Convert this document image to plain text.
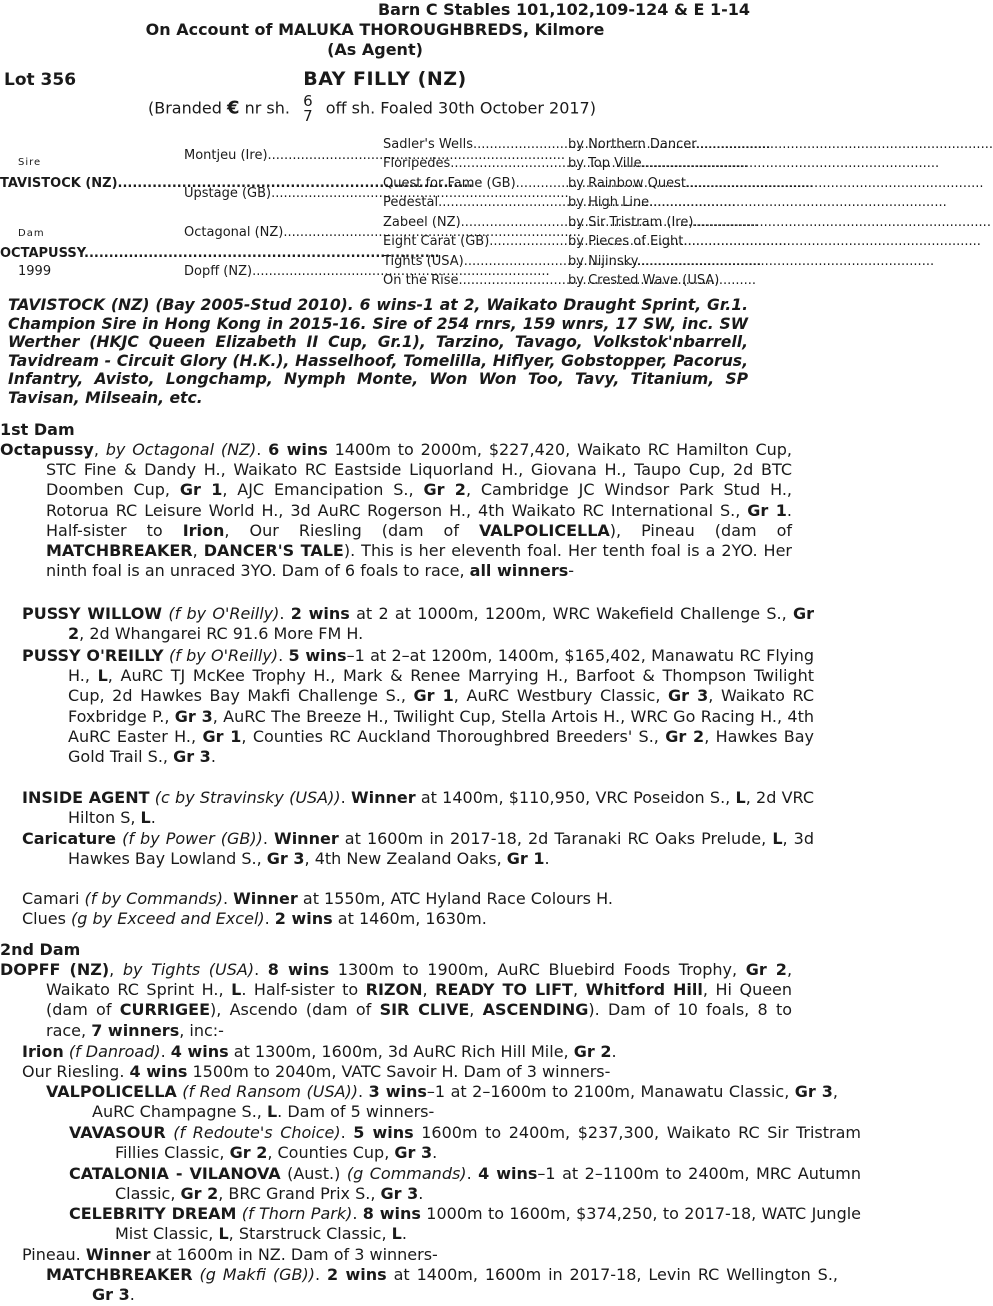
Barn C Stables 101,102,109-124 & E 1-14
On Account of MALUKA THOROUGHBREDS, Kilmore
(As Agent)
Lot 356	BAY FILLY (NZ)
(Branded € nr sh. 6
7 off sh. Foaled 30th October 2017)
Sire
TAVISTOCK (NZ) .....
Dam
OCTAPUSSY .....
1999
Montjeu (Ire) .....
Upstage (GB) .....
Octagonal (NZ) .....
Dopff (NZ) .....
Sadler's Wells .....
Floripedes .....
Quest for Fame (GB) .....
Pedestal .....
Zabeel (NZ) .....
Eight Carat (GB) .....
Tights (USA) .....
On the Rise .....
by Northern Dancer .....
by Top Ville .....
by Rainbow Quest .....
by High Line .....
by Sir Tristram (Ire) .....
by Pieces of Eight .....
by Nijinsky .....
by Crested Wave (USA)
TAVISTOCK (NZ) (Bay 2005-Stud 2010). 6 wins-1 at 2, Waikato Draught Sprint, Gr.1. Champion Sire in Hong Kong in 2015-16. Sire of 254 rnrs, 159 wnrs, 17 SW, inc. SW Werther (HKJC Queen Elizabeth II Cup, Gr.1), Tarzino, Tavago, Volkstok'nbarrell, Tavidream - Circuit Glory (H.K.), Hasselhoof, Tomelilla, Hiflyer, Gobstopper, Pacorus, Infantry, Avisto, Longchamp, Nymph Monte, Won Won Too, Tavy, Titanium, SP Tavisan, Milseain, etc.
1st Dam
Octapussy, by Octagonal (NZ). 6 wins 1400m to 2000m, $227,420, Waikato RC Hamilton Cup, STC Fine & Dandy H., Waikato RC Eastside Liquorland H., Giovana H., Taupo Cup, 2d BTC Doomben Cup, Gr 1, AJC Emancipation S., Gr 2, Cambridge JC Windsor Park Stud H., Rotorua RC Leisure World H., 3d AuRC Rogerson H., 4th Waikato RC International S., Gr 1. Half-sister to Irion, Our Riesling (dam of VALPOLICELLA), Pineau (dam of MATCHBREAKER, DANCER'S TALE). This is her eleventh foal. Her tenth foal is a 2YO. Her ninth foal is an unraced 3YO. Dam of 6 foals to race, all winners-
PUSSY WILLOW (f by O'Reilly). 2 wins at 2 at 1000m, 1200m, WRC Wakefield Challenge S., Gr 2, 2d Whangarei RC 91.6 More FM H.
PUSSY O'REILLY (f by O'Reilly). 5 wins–1 at 2–at 1200m, 1400m, $165,402, Manawatu RC Flying H., L, AuRC TJ McKee Trophy H., Mark & Renee Marrying H., Barfoot & Thompson Twilight Cup, 2d Hawkes Bay Makfi Challenge S., Gr 1, AuRC Westbury Classic, Gr 3, Waikato RC Foxbridge P., Gr 3, AuRC The Breeze H., Twilight Cup, Stella Artois H., WRC Go Racing H., 4th AuRC Easter H., Gr 1, Counties RC Auckland Thoroughbred Breeders' S., Gr 2, Hawkes Bay Gold Trail S., Gr 3.
INSIDE AGENT (c by Stravinsky (USA)). Winner at 1400m, $110,950, VRC Poseidon S., L, 2d VRC Hilton S, L.
Caricature (f by Power (GB)). Winner at 1600m in 2017-18, 2d Taranaki RC Oaks Prelude, L, 3d Hawkes Bay Lowland S., Gr 3, 4th New Zealand Oaks, Gr 1.
Camari (f by Commands). Winner at 1550m, ATC Hyland Race Colours H.
Clues (g by Exceed and Excel). 2 wins at 1460m, 1630m.
2nd Dam
DOPFF (NZ), by Tights (USA). 8 wins 1300m to 1900m, AuRC Bluebird Foods Trophy, Gr 2, Waikato RC Sprint H., L. Half-sister to RIZON, READY TO LIFT, Whitford Hill, Hi Queen (dam of CURRIGEE), Ascendo (dam of SIR CLIVE, ASCENDING). Dam of 10 foals, 8 to race, 7 winners, inc:-
Irion (f Danroad). 4 wins at 1300m, 1600m, 3d AuRC Rich Hill Mile, Gr 2.
Our Riesling. 4 wins 1500m to 2040m, VATC Savoir H. Dam of 3 winners-
VALPOLICELLA (f Red Ransom (USA)). 3 wins–1 at 2–1600m to 2100m, Manawatu Classic, Gr 3, AuRC Champagne S., L. Dam of 5 winners-
VAVASOUR (f Redoute's Choice). 5 wins 1600m to 2400m, $237,300, Waikato RC Sir Tristram Fillies Classic, Gr 2, Counties Cup, Gr 3.
CATALONIA - VILANOVA (Aust.) (g Commands). 4 wins–1 at 2–1100m to 2400m, MRC Autumn Classic, Gr 2, BRC Grand Prix S., Gr 3.
CELEBRITY DREAM (f Thorn Park). 8 wins 1000m to 1600m, $374,250, to 2017-18, WATC Jungle Mist Classic, L, Starstruck Classic, L.
Pineau. Winner at 1600m in NZ. Dam of 3 winners-
MATCHBREAKER (g Makfi (GB)). 2 wins at 1400m, 1600m in 2017-18, Levin RC Wellington S., Gr 3.
